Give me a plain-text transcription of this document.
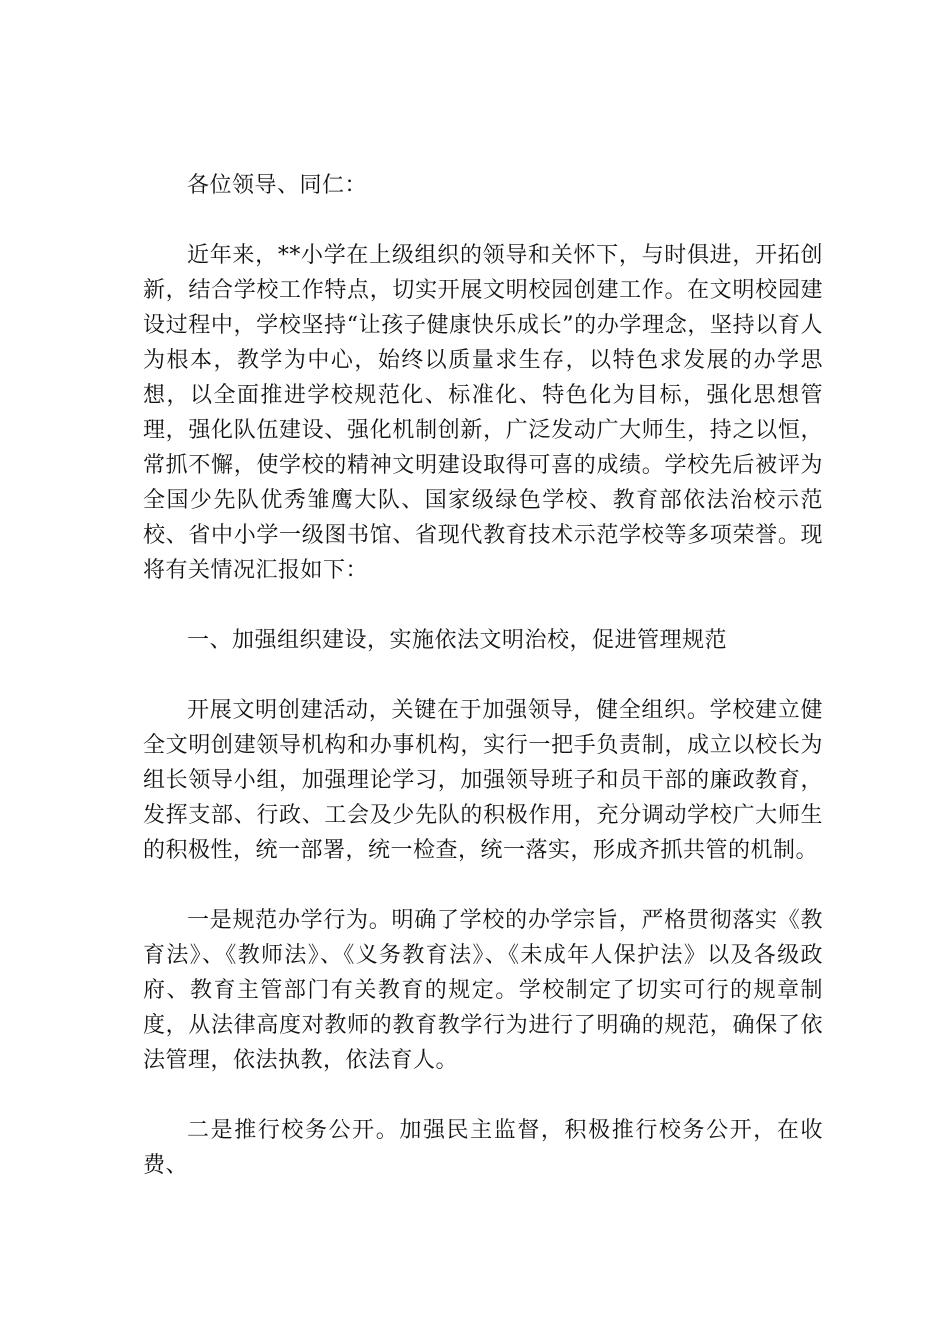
各位领导、同仁：

近年来，**小学在上级组织的领导和关怀下，与时俱进，开拓创新，结合学校工作特点，切实开展文明校园创建工作。在文明校园建设过程中，学校坚持“让孩子健康快乐成长”的办学理念，坚持以育人为根本，教学为中心，始终以质量求生存，以特色求发展的办学思想，以全面推进学校规范化、标准化、特色化为目标，强化思想管理，强化队伍建设、强化机制创新，广泛发动广大师生，持之以恒，常抓不懈，使学校的精神文明建设取得可喜的成绩。学校先后被评为全国少先队优秀雏鹰大队、国家级绿色学校、教育部依法治校示范校、省中小学一级图书馆、省现代教育技术示范学校等多项荣誉。现将有关情况汇报如下：

一、加强组织建设，实施依法文明治校，促进管理规范

开展文明创建活动，关键在于加强领导，健全组织。学校建立健全文明创建领导机构和办事机构，实行一把手负责制，成立以校长为组长领导小组，加强理论学习，加强领导班子和员干部的廉政教育，发挥支部、行政、工会及少先队的积极作用，充分调动学校广大师生的积极性，统一部署，统一检查，统一落实，形成齐抓共管的机制。

一是规范办学行为。明确了学校的办学宗旨，严格贯彻落实《教育法》、《教师法》、《义务教育法》、《未成年人保护法》以及各级政府、教育主管部门有关教育的规定。学校制定了切实可行的规章制度，从法律高度对教师的教育教学行为进行了明确的规范，确保了依法管理，依法执教，依法育人。

二是推行校务公开。加强民主监督，积极推行校务公开，在收费、
